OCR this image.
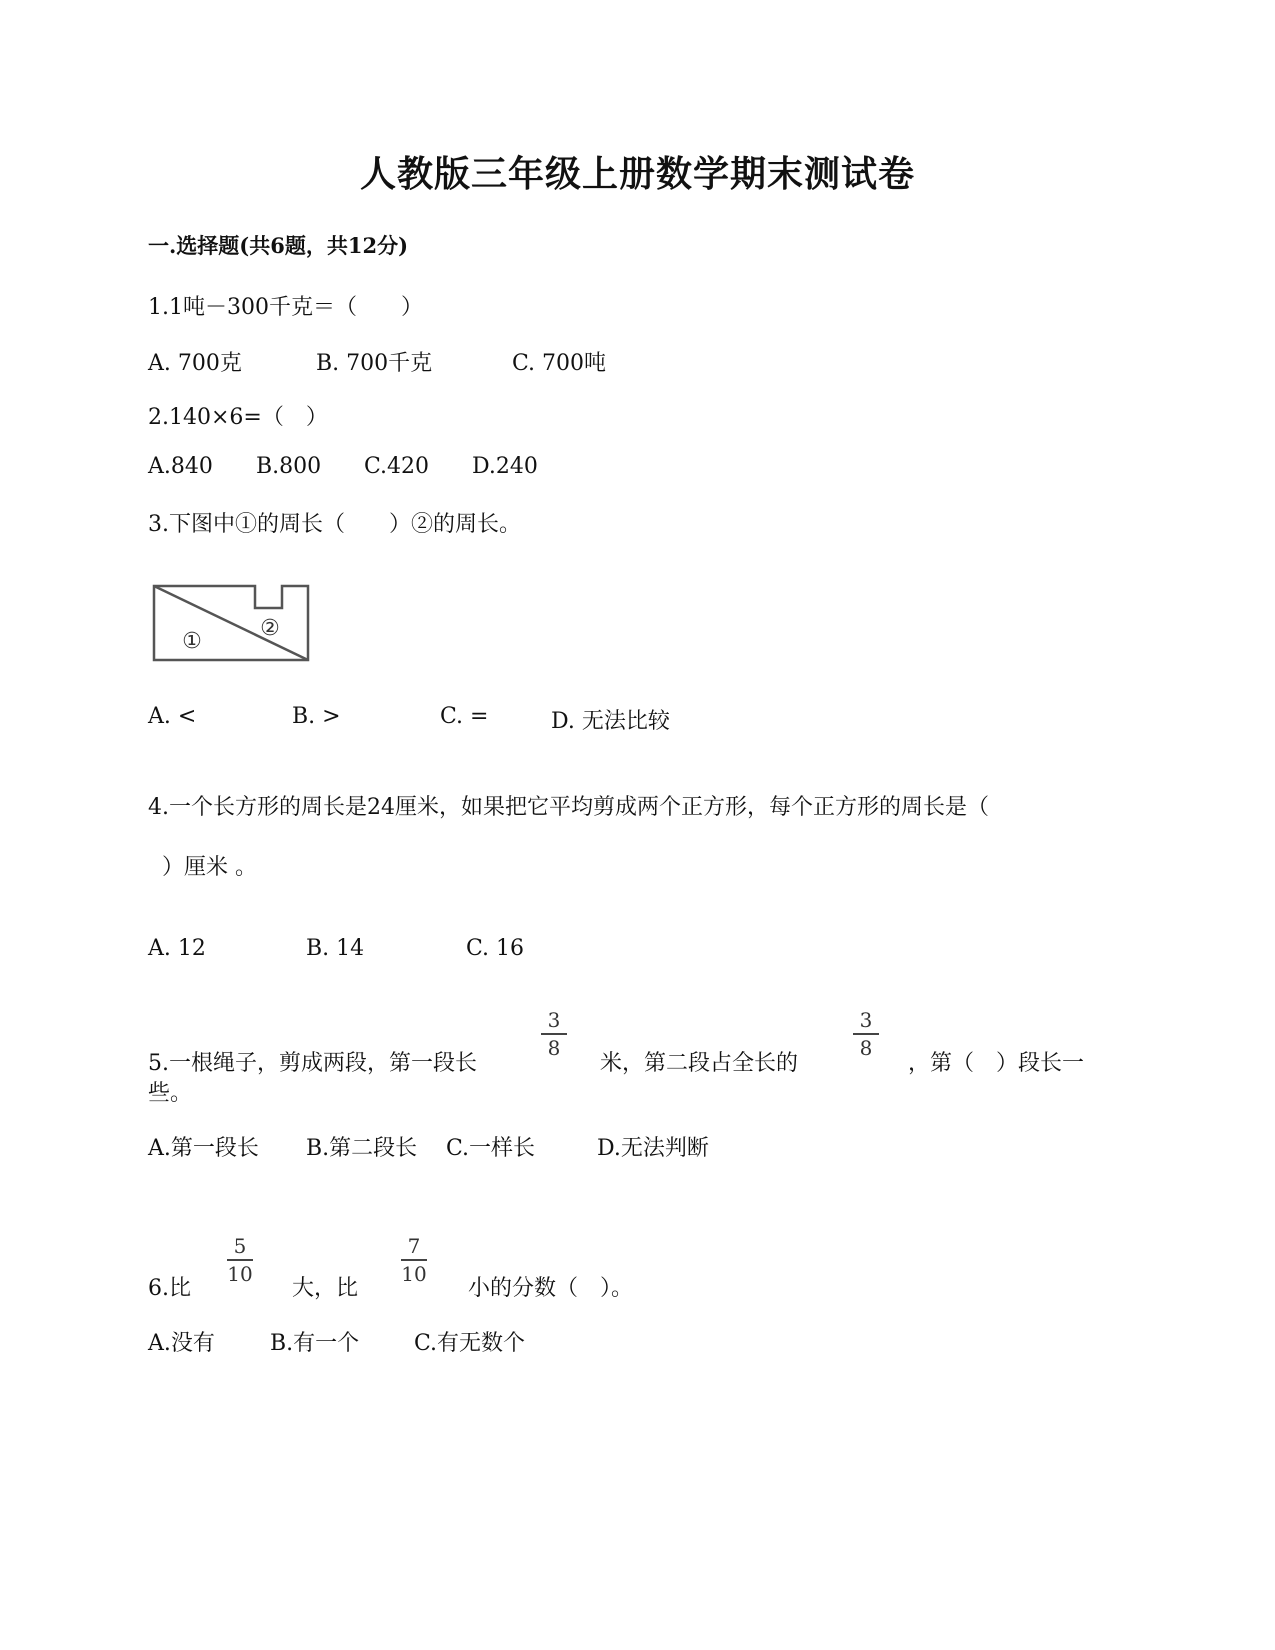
人教版三年级上册数学期末测试卷
一.选择题(共6题，共12分)
1.1吨－300千克＝（　　）
A. 700克	B. 700千克	C. 700吨
2.140×6=（　）
A.840 B.800 C.420 D.240
3.下图中①的周长（　　）②的周长。
①
②
A. <	B. >	C. =	D. 无法比较
4.一个长方形的周长是24厘米，如果把它平均剪成两个正方形，每个正方形的周长是（
）厘米 。
A. 12	B. 14	C. 16
5.一根绳子，剪成两段，第一段长
3
8
米，第二段占全长的
3
8
，第（　）段长一
些。
A.第一段长 B.第二段长 C.一样长	D.无法判断
6.比
5
10
大，比
7
10
小的分数（　）。
A.没有	B.有一个 C.有无数个
